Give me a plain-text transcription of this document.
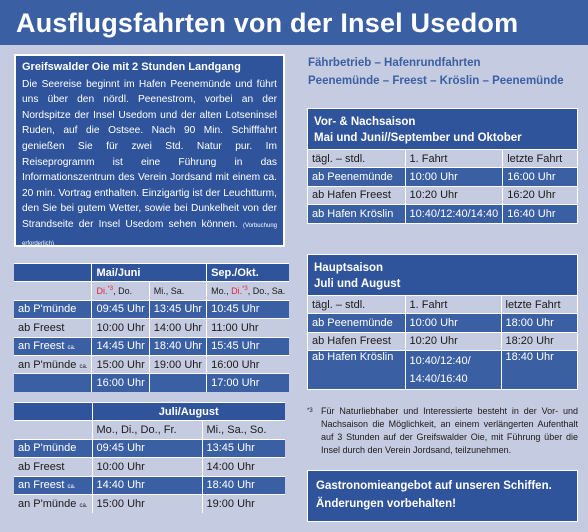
Ausflugsfahrten von der Insel Usedom
Greifswalder Oie mit 2 Stunden Landgang

Die Seereise beginnt im Hafen Peenemünde und führt uns über den nördl. Peenestrom, vorbei an der Nordspitze der Insel Usedom und der alten Lotseninsel Ruden, auf die Ostsee. Nach 90 Min. Schifffahrt genießen Sie für zwei Std. Natur pur. Im Reiseprogramm ist eine Führung in das Informationszentrum des Verein Jordsand mit einem ca. 20 min. Vortrag enthalten. Einzigartig ist der Leuchtturm, den Sie bei gutem Wetter, sowie bei Dunkelheit von der Strandseite der Insel Usedom sehen können. (Vorbuchung erforderlich)

Fährbetrieb – Hafenrundfahrten
Peenemünde – Freest – Kröslin – Peenemünde
Vor- & Nachsaison
Mai und Juni//September und Oktober
tägl. – stdl.	1. Fahrt	letzte Fahrt
ab Peenemünde	10:00 Uhr	16:00 Uhr
ab Hafen Freest	10:20 Uhr	16:20 Uhr
ab Hafen Kröslin	10:40/12:40/14:40	16:40 Uhr
Hauptsaison
Juli und August
tägl. – stdl.	1. Fahrt	letzte Fahrt
ab Peenemünde	10:00 Uhr	18:00 Uhr
ab Hafen Freest	10:20 Uhr	18:20 Uhr
ab Hafen Kröslin	10:40/12:40/
14:40/16:40	18:40 Uhr
	Mai/Juni		Sep./Okt.
	Di.$^{*3}$, Do.	Mi., Sa.	Mo., Di.$^{*3}$, Do., Sa.
ab P'münde	09:45 Uhr	13:45 Uhr	10:45 Uhr
ab Freest	10:00 Uhr	14:00 Uhr	11:00 Uhr
an Freest ca.	14:45 Uhr	18:40 Uhr	15:45 Uhr
an P'münde ca.	15:00 Uhr	19:00 Uhr	16:00 Uhr
	16:00 Uhr		17:00 Uhr
	Juli/August	
	Mo., Di., Do., Fr.	Mi., Sa., So.
ab P'münde	09:45 Uhr	13:45 Uhr
ab Freest	10:00 Uhr	14:00 Uhr
an Freest ca.	14:40 Uhr	18:40 Uhr
an P'münde ca.	15:00 Uhr	19:00 Uhr
*3 Für Naturliebhaber und Interessierte besteht in der Vor- und Nachsaison die Möglichkeit, an einem verlängerten Aufenthalt auf 3 Stunden auf der Greifswalder Oie, mit Führung über die Insel durch den Verein Jordsand, teilzunehmen.

Gastronomieangebot auf unseren Schiffen.
Änderungen vorbehalten!
